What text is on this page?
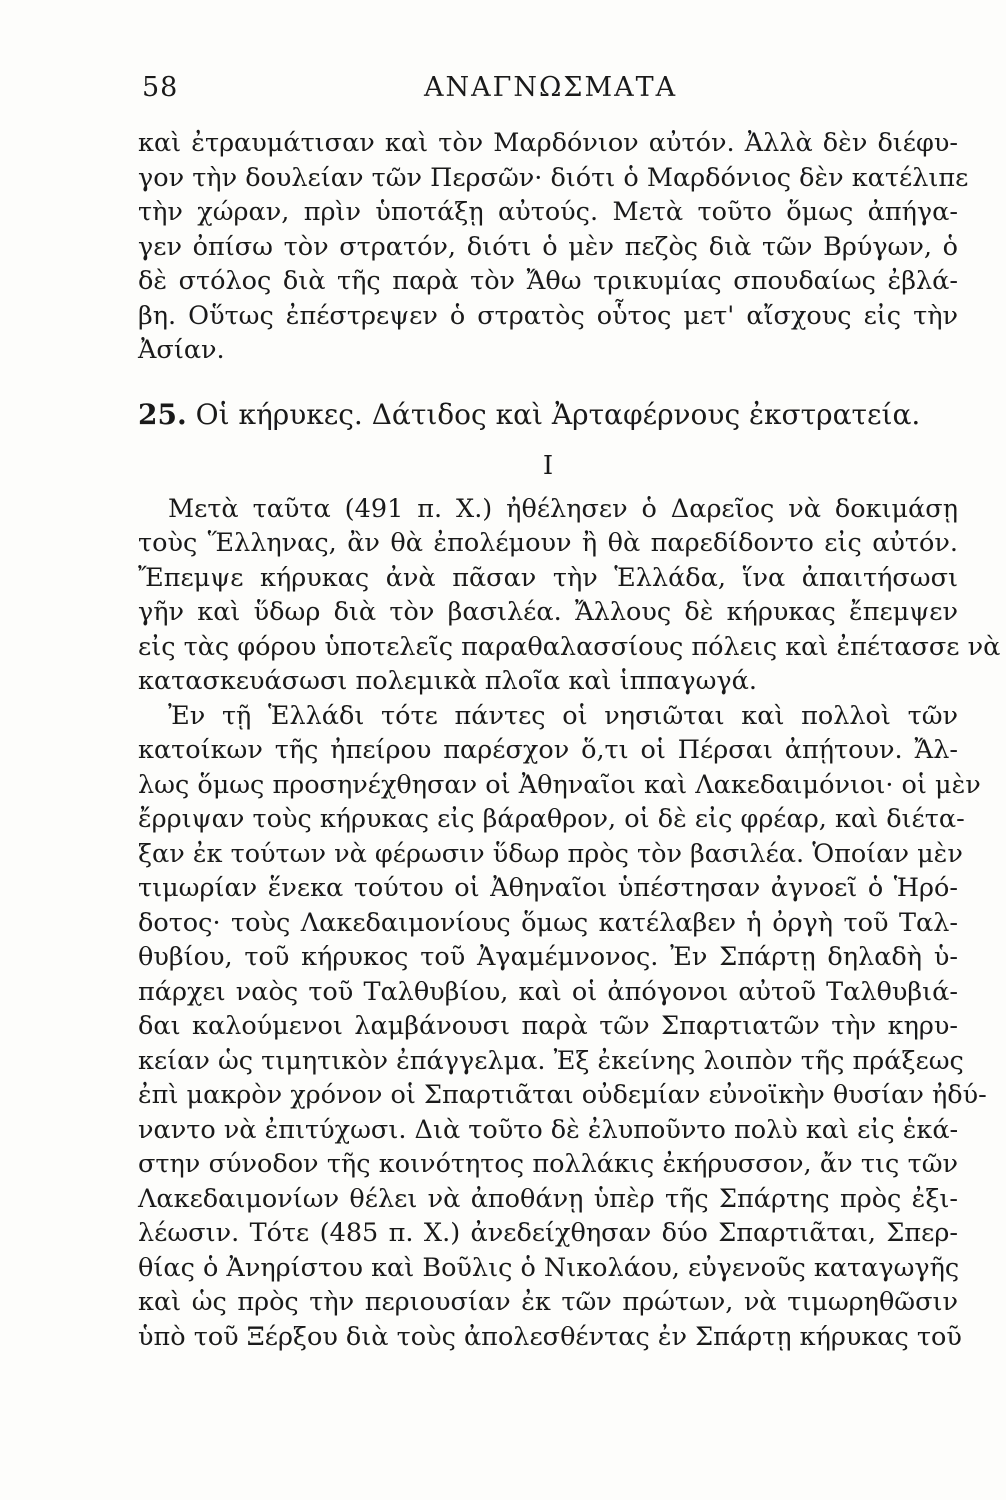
58	ΑΝΑΓΝΩΣΜΑΤΑ
καὶ ἐτραυμάτισαν καὶ τὸν Μαρδόνιον αὐτόν. Ἀλλὰ δὲν διέφυ-
γον τὴν δουλείαν τῶν Περσῶν· διότι ὁ Μαρδόνιος δὲν κατέλιπε
τὴν χώραν, πρὶν ὑποτάξῃ αὐτούς. Μετὰ τοῦτο ὅμως ἀπήγα-
γεν ὀπίσω τὸν στρατόν, διότι ὁ μὲν πεζὸς διὰ τῶν Βρύγων, ὁ
δὲ στόλος διὰ τῆς παρὰ τὸν Ἄθω τρικυμίας σπουδαίως ἐβλά-
βη. Οὕτως ἐπέστρεψεν ὁ στρατὸς οὗτος μετ' αἴσχους εἰς τὴν
Ἀσίαν.
25. Οἱ κήρυκες. Δάτιδος καὶ Ἀρταφέρνους ἐκστρατεία.
I
Μετὰ ταῦτα (491 π. Χ.) ἠθέλησεν ὁ Δαρεῖος νὰ δοκιμάσῃ
τοὺς Ἕλληνας, ἂν θὰ ἐπολέμουν ἢ θὰ παρεδίδοντο εἰς αὐτόν.
Ἔπεμψε κήρυκας ἀνὰ πᾶσαν τὴν Ἑλλάδα, ἵνα ἀπαιτήσωσι
γῆν καὶ ὕδωρ διὰ τὸν βασιλέα. Ἄλλους δὲ κήρυκας ἔπεμψεν
εἰς τὰς φόρου ὑποτελεῖς παραθαλασσίους πόλεις καὶ ἐπέτασσε νὰ
κατασκευάσωσι πολεμικὰ πλοῖα καὶ ἱππαγωγά.
Ἐν τῇ Ἑλλάδι τότε πάντες οἱ νησιῶται καὶ πολλοὶ τῶν
κατοίκων τῆς ἠπείρου παρέσχον ὅ,τι οἱ Πέρσαι ἀπῄτουν. Ἄλ-
λως ὅμως προσηνέχθησαν οἱ Ἀθηναῖοι καὶ Λακεδαιμόνιοι· οἱ μὲν
ἔρριψαν τοὺς κήρυκας εἰς βάραθρον, οἱ δὲ εἰς φρέαρ, καὶ διέτα-
ξαν ἐκ τούτων νὰ φέρωσιν ὕδωρ πρὸς τὸν βασιλέα. Ὁποίαν μὲν
τιμωρίαν ἕνεκα τούτου οἱ Ἀθηναῖοι ὑπέστησαν ἀγνοεῖ ὁ Ἡρό-
δοτος· τοὺς Λακεδαιμονίους ὅμως κατέλαβεν ἡ ὀργὴ τοῦ Ταλ-
θυβίου, τοῦ κήρυκος τοῦ Ἀγαμέμνονος. Ἐν Σπάρτῃ δηλαδὴ ὑ-
πάρχει ναὸς τοῦ Ταλθυβίου, καὶ οἱ ἀπόγονοι αὐτοῦ Ταλθυβιά-
δαι καλούμενοι λαμβάνουσι παρὰ τῶν Σπαρτιατῶν τὴν κηρυ-
κείαν ὡς τιμητικὸν ἐπάγγελμα. Ἐξ ἐκείνης λοιπὸν τῆς πράξεως
ἐπὶ μακρὸν χρόνον οἱ Σπαρτιᾶται οὐδεμίαν εὐνοϊκὴν θυσίαν ἠδύ-
ναντο νὰ ἐπιτύχωσι. Διὰ τοῦτο δὲ ἐλυποῦντο πολὺ καὶ εἰς ἑκά-
στην σύνοδον τῆς κοινότητος πολλάκις ἐκήρυσσον, ἄν τις τῶν
Λακεδαιμονίων θέλει νὰ ἀποθάνῃ ὑπὲρ τῆς Σπάρτης πρὸς ἐξι-
λέωσιν. Τότε (485 π. Χ.) ἀνεδείχθησαν δύο Σπαρτιᾶται, Σπερ-
θίας ὁ Ἀνηρίστου καὶ Βοῦλις ὁ Νικολάου, εὐγενοῦς καταγωγῆς
καὶ ὡς πρὸς τὴν περιουσίαν ἐκ τῶν πρώτων, νὰ τιμωρηθῶσιν
ὑπὸ τοῦ Ξέρξου διὰ τοὺς ἀπολεσθέντας ἐν Σπάρτῃ κήρυκας τοῦ
